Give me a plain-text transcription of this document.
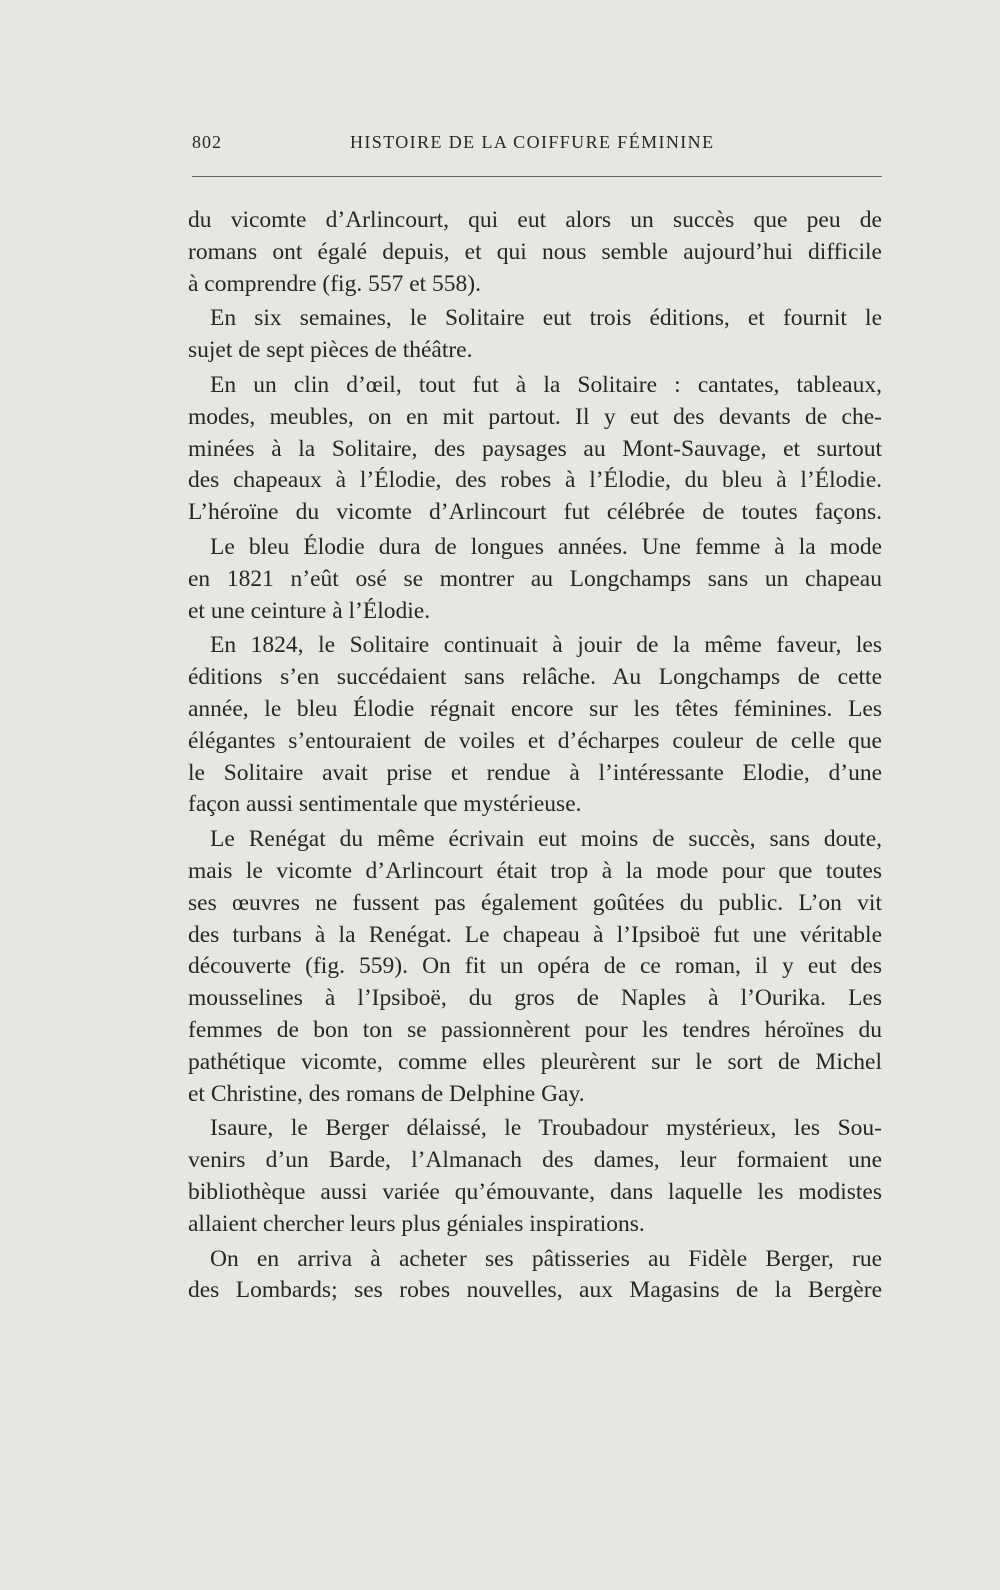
802	HISTOIRE DE LA COIFFURE FÉMININE
du vicomte d’Arlincourt, qui eut alors un succès que peu de
romans ont égalé depuis, et qui nous semble aujourd’hui difficile
à comprendre (fig. 557 et 558).
En six semaines, le Solitaire eut trois éditions, et fournit le
sujet de sept pièces de théâtre.
En un clin d’œil, tout fut à la Solitaire : cantates, tableaux,
modes, meubles, on en mit partout. Il y eut des devants de che-
minées à la Solitaire, des paysages au Mont-Sauvage, et surtout
des chapeaux à l’Élodie, des robes à l’Élodie, du bleu à l’Élodie.
L’héroïne du vicomte d’Arlincourt fut célébrée de toutes façons.
Le bleu Élodie dura de longues années. Une femme à la mode
en 1821 n’eût osé se montrer au Longchamps sans un chapeau
et une ceinture à l’Élodie.
En 1824, le Solitaire continuait à jouir de la même faveur, les
éditions s’en succédaient sans relâche. Au Longchamps de cette
année, le bleu Élodie régnait encore sur les têtes féminines. Les
élégantes s’entouraient de voiles et d’écharpes couleur de celle que
le Solitaire avait prise et rendue à l’intéressante Elodie, d’une
façon aussi sentimentale que mystérieuse.
Le Renégat du même écrivain eut moins de succès, sans doute,
mais le vicomte d’Arlincourt était trop à la mode pour que toutes
ses œuvres ne fussent pas également goûtées du public. L’on vit
des turbans à la Renégat. Le chapeau à l’Ipsiboë fut une véritable
découverte (fig. 559). On fit un opéra de ce roman, il y eut des
mousselines à l’Ipsiboë, du gros de Naples à l’Ourika. Les
femmes de bon ton se passionnèrent pour les tendres héroïnes du
pathétique vicomte, comme elles pleurèrent sur le sort de Michel
et Christine, des romans de Delphine Gay.
Isaure, le Berger délaissé, le Troubadour mystérieux, les Sou-
venirs d’un Barde, l’Almanach des dames, leur formaient une
bibliothèque aussi variée qu’émouvante, dans laquelle les modistes
allaient chercher leurs plus géniales inspirations.
On en arriva à acheter ses pâtisseries au Fidèle Berger, rue
des Lombards; ses robes nouvelles, aux Magasins de la Bergère
